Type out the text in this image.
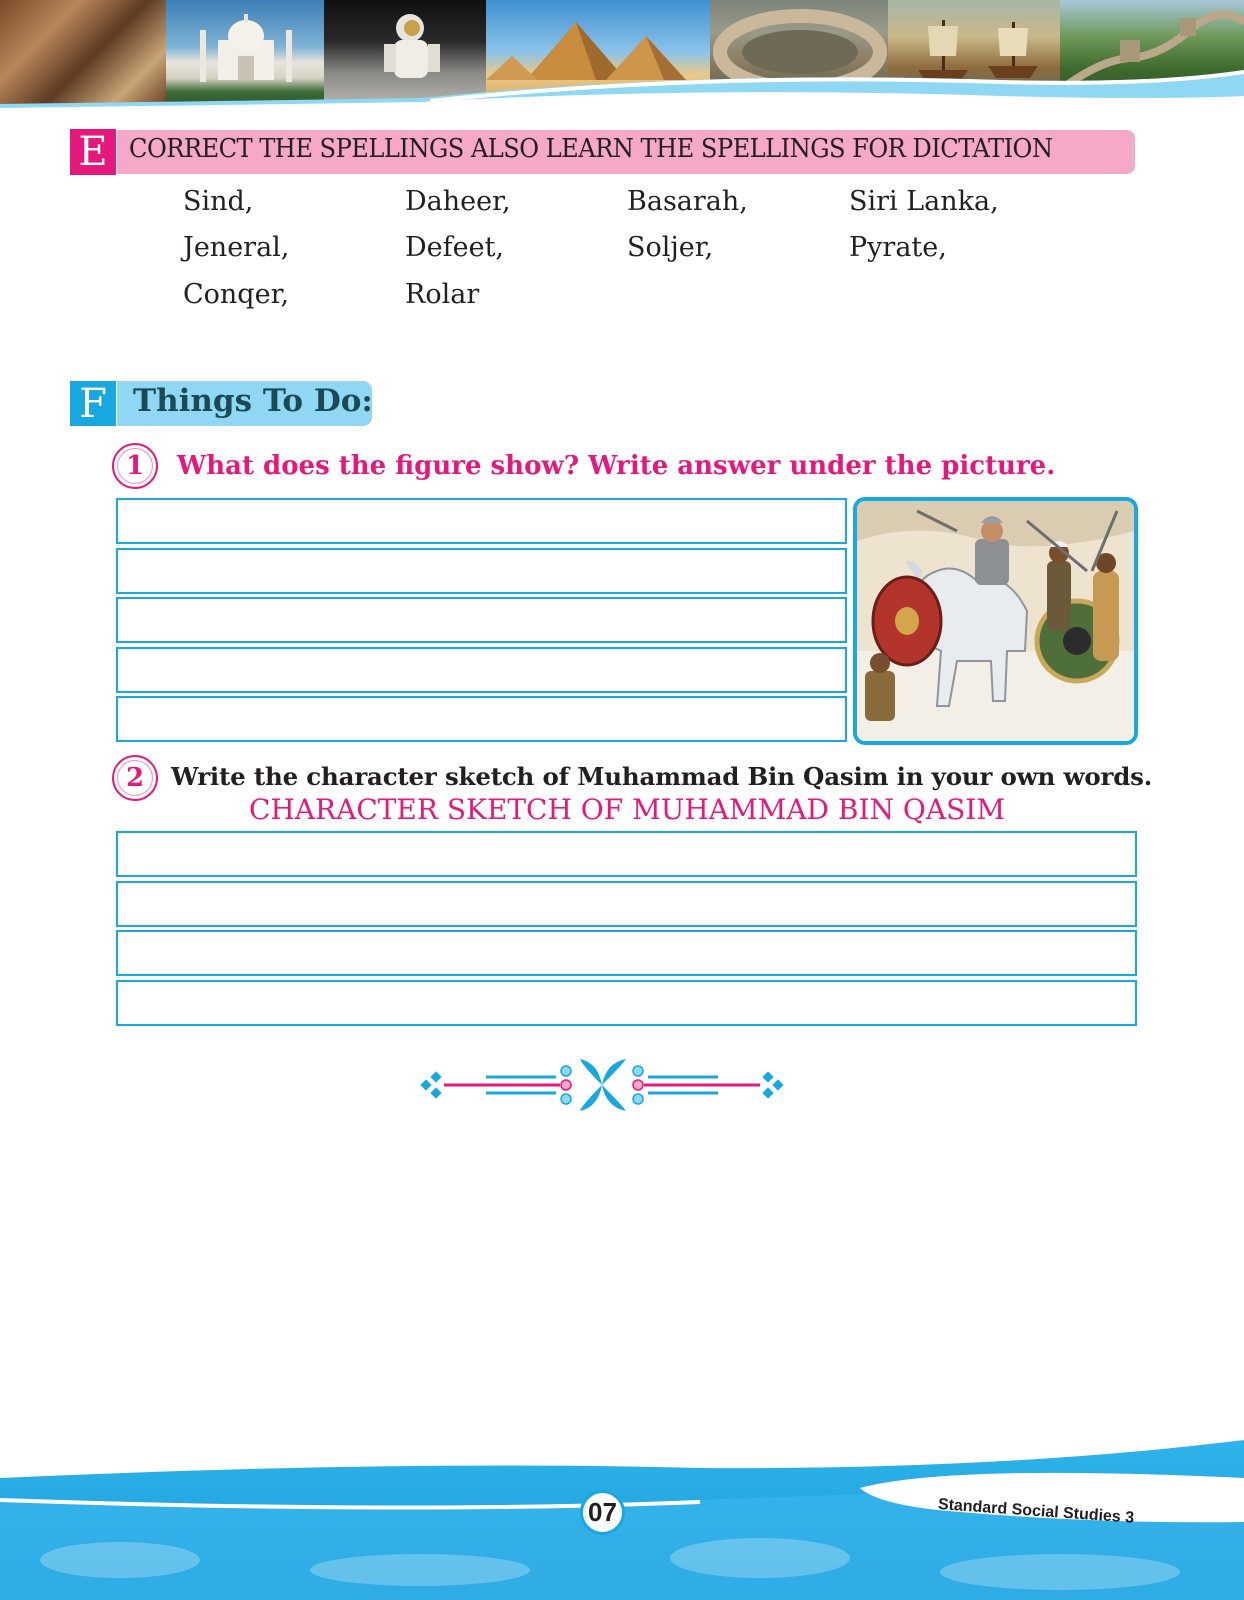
E CORRECT THE SPELLINGS ALSO LEARN THE SPELLINGS FOR DICTATION
Sind,	Daheer,	Basarah,	Siri Lanka,
Jeneral,	Defeet,	Soljer,	Pyrate,
Conqer,	Rolar
F Things To Do:
1 What does the figure show? Write answer under the picture.
2 Write the character sketch of Muhammad Bin Qasim in your own words.
CHARACTER SKETCH OF MUHAMMAD BIN QASIM
07	Standard Social Studies 3
